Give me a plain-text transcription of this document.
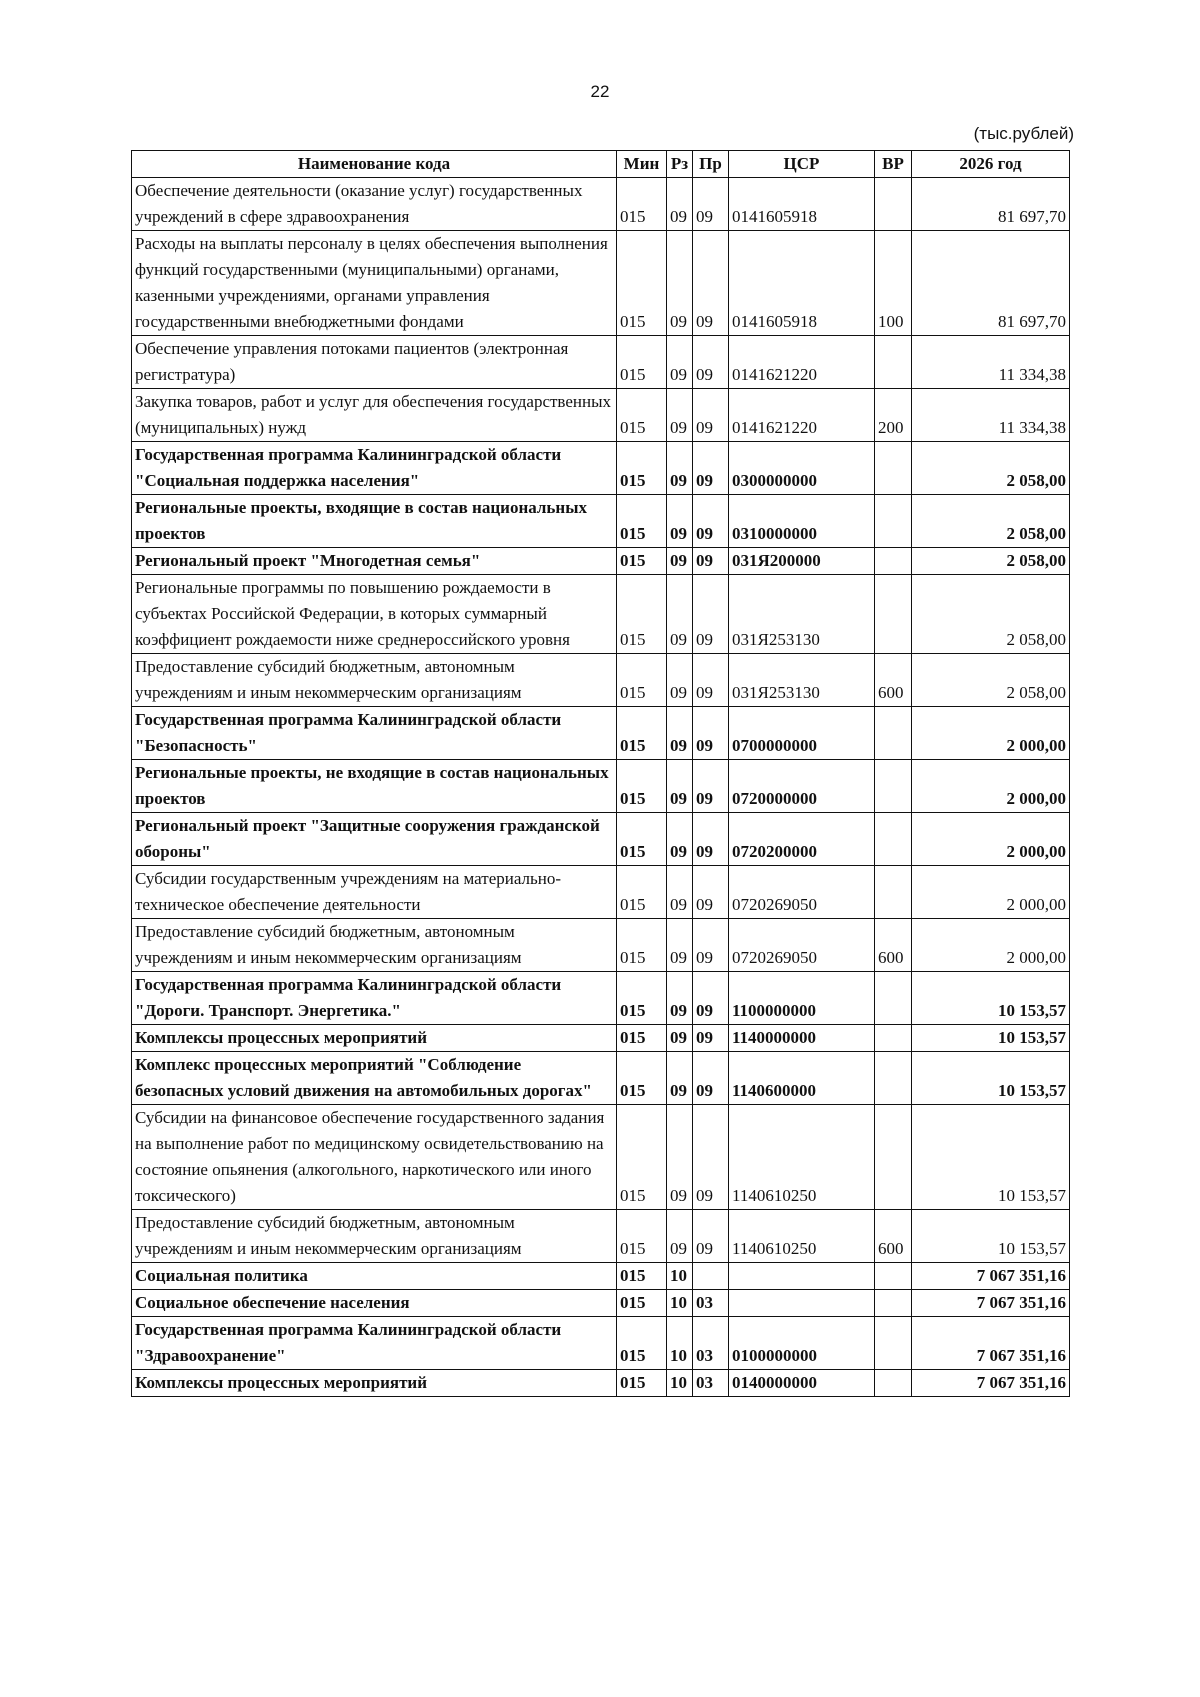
22
(тыс.рублей)
Наименование кода	Мин	Рз	Пр	ЦСР	ВР	2026 год
Обеспечение деятельности (оказание услуг) государственных учреждений в сфере здравоохранения	015	09	09	0141605918		81 697,70
Расходы на выплаты персоналу в целях обеспечения выполнения функций государственными (муниципальными) органами, казенными учреждениями, органами управления государственными внебюджетными фондами	015	09	09	0141605918	100	81 697,70
Обеспечение управления потоками пациентов (электронная регистратура)	015	09	09	0141621220		11 334,38
Закупка товаров, работ и услуг для обеспечения государственных (муниципальных) нужд	015	09	09	0141621220	200	11 334,38
Государственная программа Калининградской области "Социальная поддержка населения"	015	09	09	0300000000		2 058,00
Региональные проекты, входящие в состав национальных проектов	015	09	09	0310000000		2 058,00
Региональный проект "Многодетная семья"	015	09	09	031Я200000		2 058,00
Региональные программы по повышению рождаемости в субъектах Российской Федерации, в которых суммарный коэффициент рождаемости ниже среднероссийского уровня	015	09	09	031Я253130		2 058,00
Предоставление субсидий бюджетным, автономным учреждениям и иным некоммерческим организациям	015	09	09	031Я253130	600	2 058,00
Государственная программа Калининградской области "Безопасность"	015	09	09	0700000000		2 000,00
Региональные проекты, не входящие в состав национальных проектов	015	09	09	0720000000		2 000,00
Региональный проект "Защитные сооружения гражданской обороны"	015	09	09	0720200000		2 000,00
Субсидии государственным учреждениям на материально-техническое обеспечение деятельности	015	09	09	0720269050		2 000,00
Предоставление субсидий бюджетным, автономным учреждениям и иным некоммерческим организациям	015	09	09	0720269050	600	2 000,00
Государственная программа Калининградской области "Дороги. Транспорт. Энергетика."	015	09	09	1100000000		10 153,57
Комплексы процессных мероприятий	015	09	09	1140000000		10 153,57
Комплекс процессных мероприятий "Соблюдение безопасных условий движения на автомобильных дорогах"	015	09	09	1140600000		10 153,57
Субсидии на финансовое обеспечение государственного задания на выполнение работ по медицинскому освидетельствованию на состояние опьянения (алкогольного, наркотического или иного токсического)	015	09	09	1140610250		10 153,57
Предоставление субсидий бюджетным, автономным учреждениям и иным некоммерческим организациям	015	09	09	1140610250	600	10 153,57
Социальная политика	015	10				7 067 351,16
Социальное обеспечение населения	015	10	03			7 067 351,16
Государственная программа Калининградской области "Здравоохранение"	015	10	03	0100000000		7 067 351,16
Комплексы процессных мероприятий	015	10	03	0140000000		7 067 351,16
